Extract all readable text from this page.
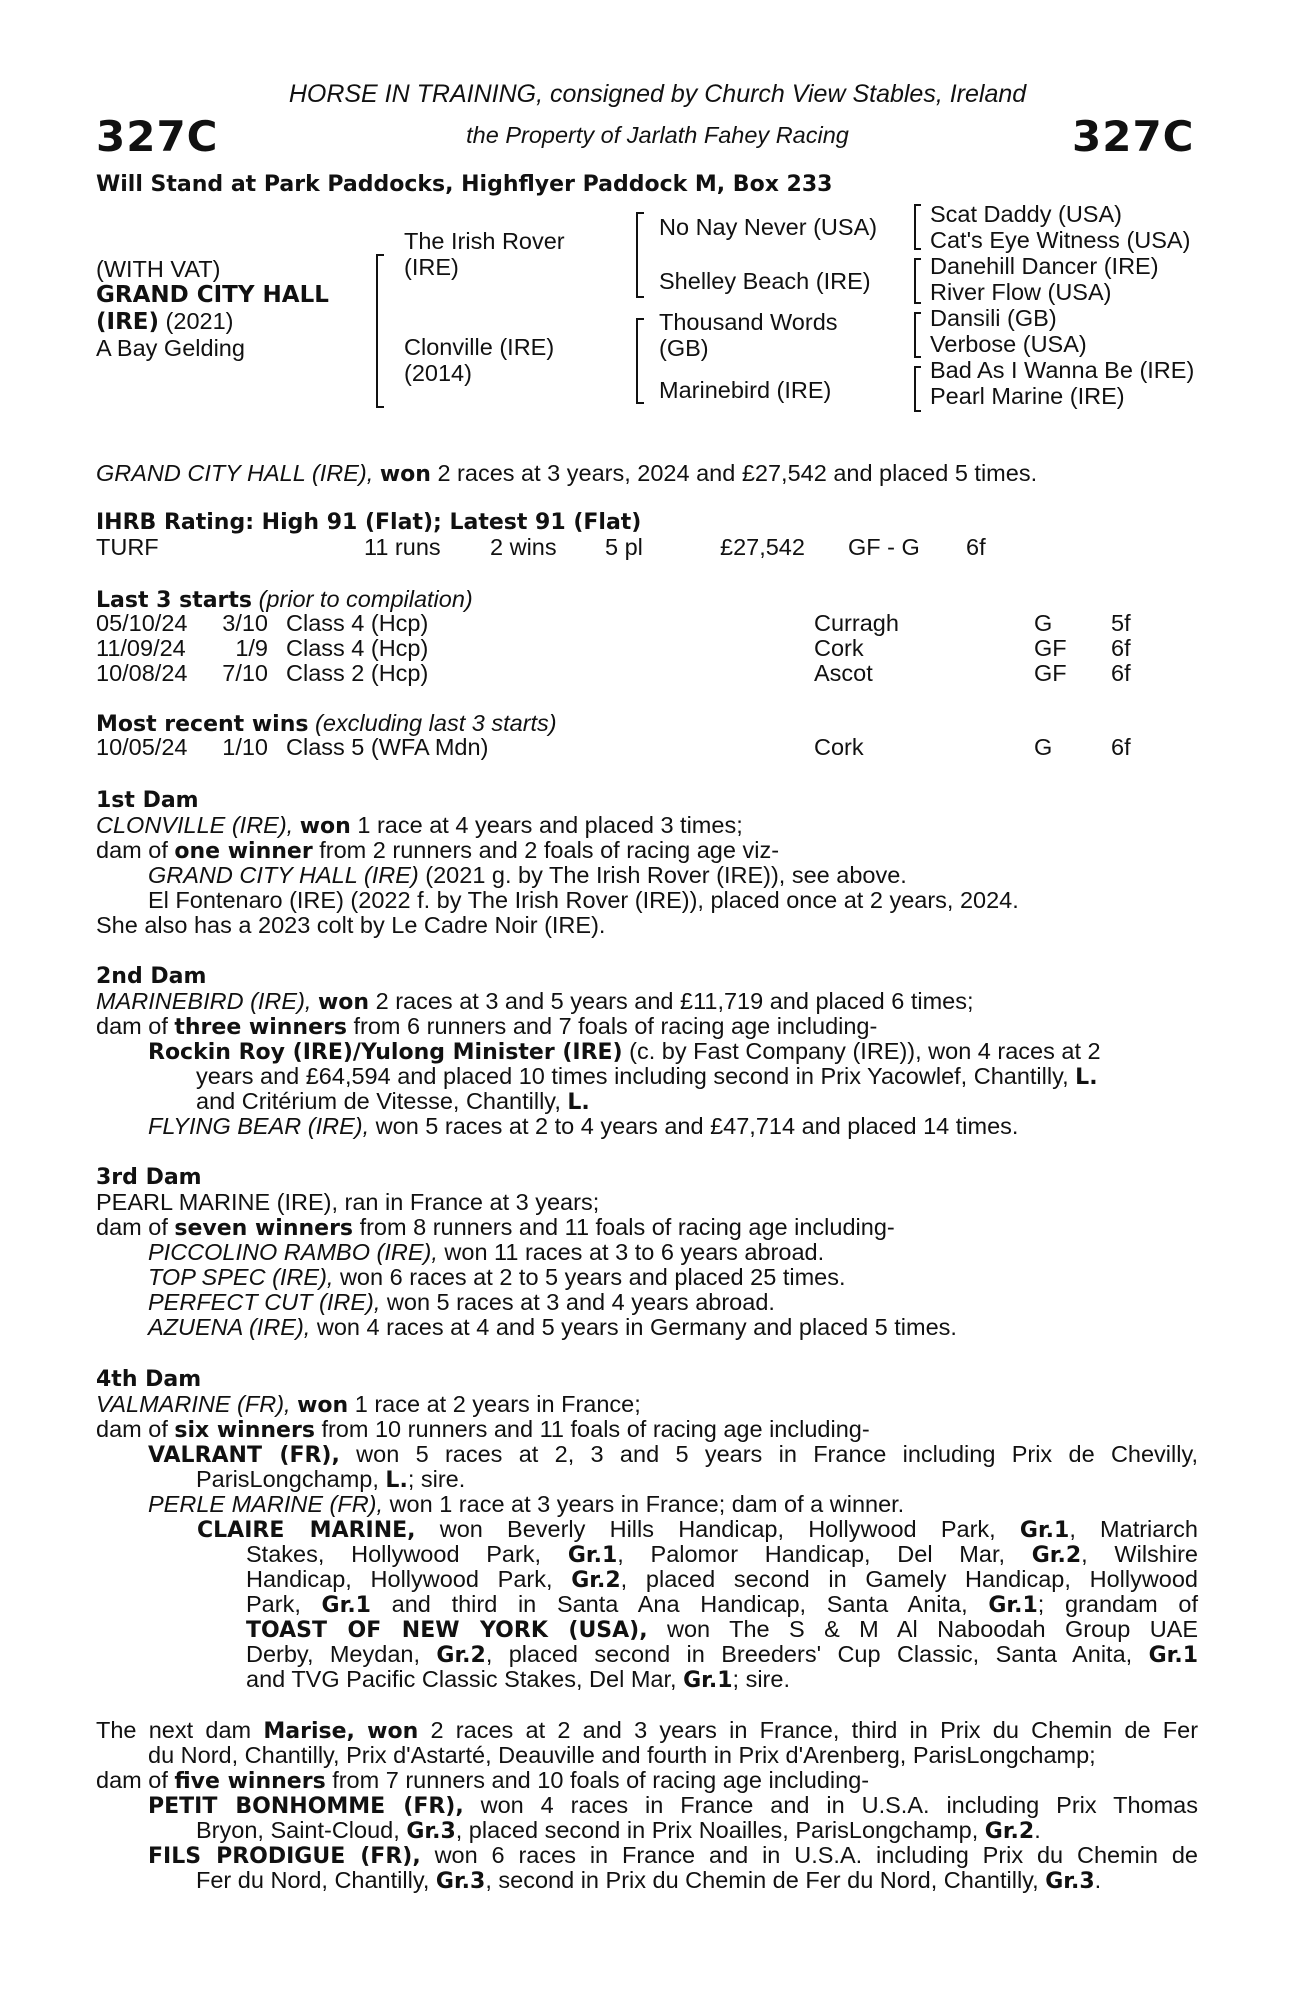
327C	327C
HORSE IN TRAINING, consigned by Church View Stables, Ireland
the Property of Jarlath Fahey Racing
Will Stand at Park Paddocks, Highflyer Paddock M, Box 233
(WITH VAT)
GRAND CITY HALL
(IRE) (2021)
A Bay Gelding
The Irish Rover
(IRE)
Clonville (IRE)
(2014)
No Nay Never (USA)
Shelley Beach (IRE)
Thousand Words
(GB)
Marinebird (IRE)
Scat Daddy (USA)
Cat's Eye Witness (USA)
Danehill Dancer (IRE)
River Flow (USA)
Dansili (GB)
Verbose (USA)
Bad As I Wanna Be (IRE)
Pearl Marine (IRE)
GRAND CITY HALL (IRE), won 2 races at 3 years, 2024 and £27,542 and placed 5 times.
IHRB Rating: High 91 (Flat); Latest 91 (Flat)
TURF	11 runs 2 wins 5 pl	£27,542 GF - G 6f
Last 3 starts (prior to compilation)
05/10/24	3/10 Class 4 (Hcp)	Curragh	G 5f
11/09/24	1/9 Class 4 (Hcp)	Cork	GF 6f
10/08/24	7/10 Class 2 (Hcp)	Ascot	GF 6f
Most recent wins (excluding last 3 starts)
10/05/24	1/10 Class 5 (WFA Mdn)	Cork	G 6f
1st Dam
CLONVILLE (IRE), won 1 race at 4 years and placed 3 times;
dam of one winner from 2 runners and 2 foals of racing age viz-
GRAND CITY HALL (IRE) (2021 g. by The Irish Rover (IRE)), see above.
El Fontenaro (IRE) (2022 f. by The Irish Rover (IRE)), placed once at 2 years, 2024.
She also has a 2023 colt by Le Cadre Noir (IRE).
2nd Dam
MARINEBIRD (IRE), won 2 races at 3 and 5 years and £11,719 and placed 6 times;
dam of three winners from 6 runners and 7 foals of racing age including-
Rockin Roy (IRE)/Yulong Minister (IRE) (c. by Fast Company (IRE)), won 4 races at 2
years and £64,594 and placed 10 times including second in Prix Yacowlef, Chantilly, L.
and Critérium de Vitesse, Chantilly, L.
FLYING BEAR (IRE), won 5 races at 2 to 4 years and £47,714 and placed 14 times.
3rd Dam
PEARL MARINE (IRE), ran in France at 3 years;
dam of seven winners from 8 runners and 11 foals of racing age including-
PICCOLINO RAMBO (IRE), won 11 races at 3 to 6 years abroad.
TOP SPEC (IRE), won 6 races at 2 to 5 years and placed 25 times.
PERFECT CUT (IRE), won 5 races at 3 and 4 years abroad.
AZUENA (IRE), won 4 races at 4 and 5 years in Germany and placed 5 times.
4th Dam
VALMARINE (FR), won 1 race at 2 years in France;
dam of six winners from 10 runners and 11 foals of racing age including-
VALRANT (FR), won 5 races at 2, 3 and 5 years in France including Prix de Chevilly,
ParisLongchamp, L.; sire.
PERLE MARINE (FR), won 1 race at 3 years in France; dam of a winner.
CLAIRE MARINE, won Beverly Hills Handicap, Hollywood Park, Gr.1, Matriarch
Stakes, Hollywood Park, Gr.1, Palomor Handicap, Del Mar, Gr.2, Wilshire
Handicap, Hollywood Park, Gr.2, placed second in Gamely Handicap, Hollywood
Park, Gr.1 and third in Santa Ana Handicap, Santa Anita, Gr.1; grandam of
TOAST OF NEW YORK (USA), won The S & M Al Naboodah Group UAE
Derby, Meydan, Gr.2, placed second in Breeders' Cup Classic, Santa Anita, Gr.1
and TVG Pacific Classic Stakes, Del Mar, Gr.1; sire.
The next dam Marise, won 2 races at 2 and 3 years in France, third in Prix du Chemin de Fer
du Nord, Chantilly, Prix d'Astarté, Deauville and fourth in Prix d'Arenberg, ParisLongchamp;
dam of five winners from 7 runners and 10 foals of racing age including-
PETIT BONHOMME (FR), won 4 races in France and in U.S.A. including Prix Thomas
Bryon, Saint-Cloud, Gr.3, placed second in Prix Noailles, ParisLongchamp, Gr.2.
FILS PRODIGUE (FR), won 6 races in France and in U.S.A. including Prix du Chemin de
Fer du Nord, Chantilly, Gr.3, second in Prix du Chemin de Fer du Nord, Chantilly, Gr.3.
